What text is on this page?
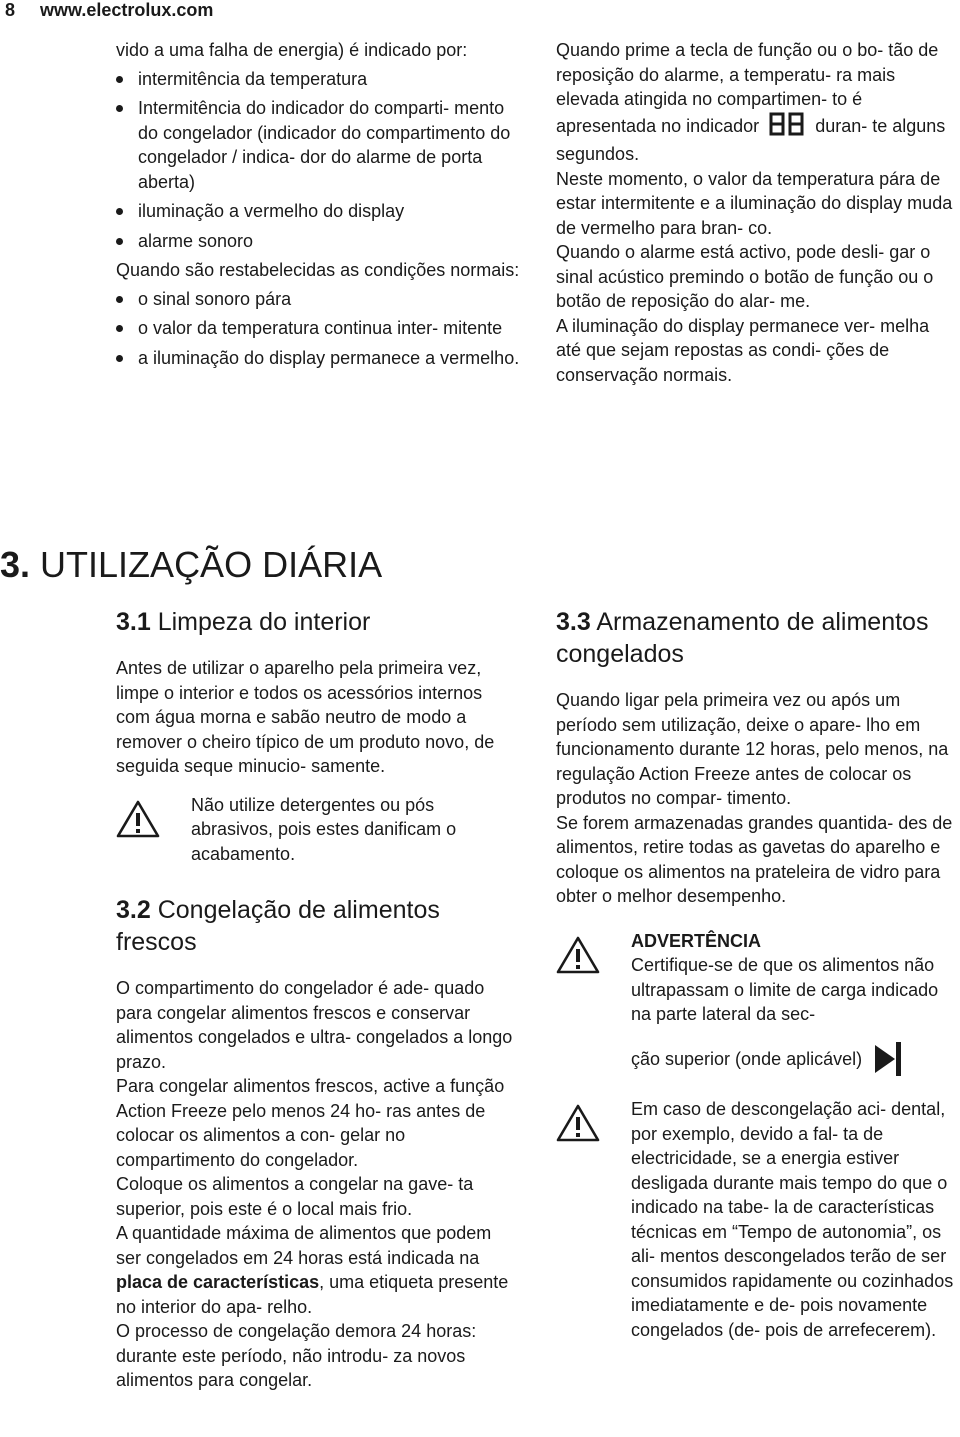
8 www.electrolux.com

vido a uma falha de energia) é indicado por:

intermitência da temperatura
Intermitência do indicador do comparti- mento do congelador (indicador do compartimento do congelador / indica- dor do alarme de porta aberta)
iluminação a vermelho do display
alarme sonoro

Quando são restabelecidas as condições normais:

o sinal sonoro pára
o valor da temperatura continua inter- mitente
a iluminação do display permanece a vermelho.

Quando prime a tecla de função ou o bo- tão de reposição do alarme, a temperatu- ra mais elevada atingida no compartimen- to é apresentada no indicador	duran- te alguns segundos.

Neste momento, o valor da temperatura pára de estar intermitente e a iluminação do display muda de vermelho para bran- co.

Quando o alarme está activo, pode desli- gar o sinal acústico premindo o botão de função ou o botão de reposição do alar- me.

A iluminação do display permanece ver- melha até que sejam repostas as condi- ções de conservação normais.

3. UTILIZAÇÃO DIÁRIA
3.1 Limpeza do interior

Antes de utilizar o aparelho pela primeira vez, limpe o interior e todos os acessórios internos com água morna e sabão neutro de modo a remover o cheiro típico de um produto novo, de seguida seque minucio- samente.

Não utilize detergentes ou pós abrasivos, pois estes danificam o acabamento.

3.2 Congelação de alimentos frescos

O compartimento do congelador é ade- quado para congelar alimentos frescos e conservar alimentos congelados e ultra- congelados a longo prazo.

Para congelar alimentos frescos, active a função Action Freeze pelo menos 24 ho- ras antes de colocar os alimentos a con- gelar no compartimento do congelador.

Coloque os alimentos a congelar na gave- ta superior, pois este é o local mais frio.

A quantidade máxima de alimentos que podem ser congelados em 24 horas está indicada na placa de características, uma etiqueta presente no interior do apa- relho.

O processo de congelação demora 24 horas: durante este período, não introdu- za novos alimentos para congelar.

3.3 Armazenamento de alimentos congelados

Quando ligar pela primeira vez ou após um período sem utilização, deixe o apare- lho em funcionamento durante 12 horas, pelo menos, na regulação Action Freeze antes de colocar os produtos no compar- timento.

Se forem armazenadas grandes quantida- des de alimentos, retire todas as gavetas do aparelho e coloque os alimentos na prateleira de vidro para obter o melhor desempenho.

ADVERTÊNCIA

Certifique-se de que os alimentos não ultrapassam o limite de carga indicado na parte lateral da sec-

ção superior (onde aplicável)

Em caso de descongelação aci- dental, por exemplo, devido a fal- ta de electricidade, se a energia estiver desligada durante mais tempo do que o indicado na tabe- la de características técnicas em “Tempo de autonomia”, os ali- mentos descongelados terão de ser consumidos rapidamente ou cozinhados imediatamente e de- pois novamente congelados (de- pois de arrefecerem).
